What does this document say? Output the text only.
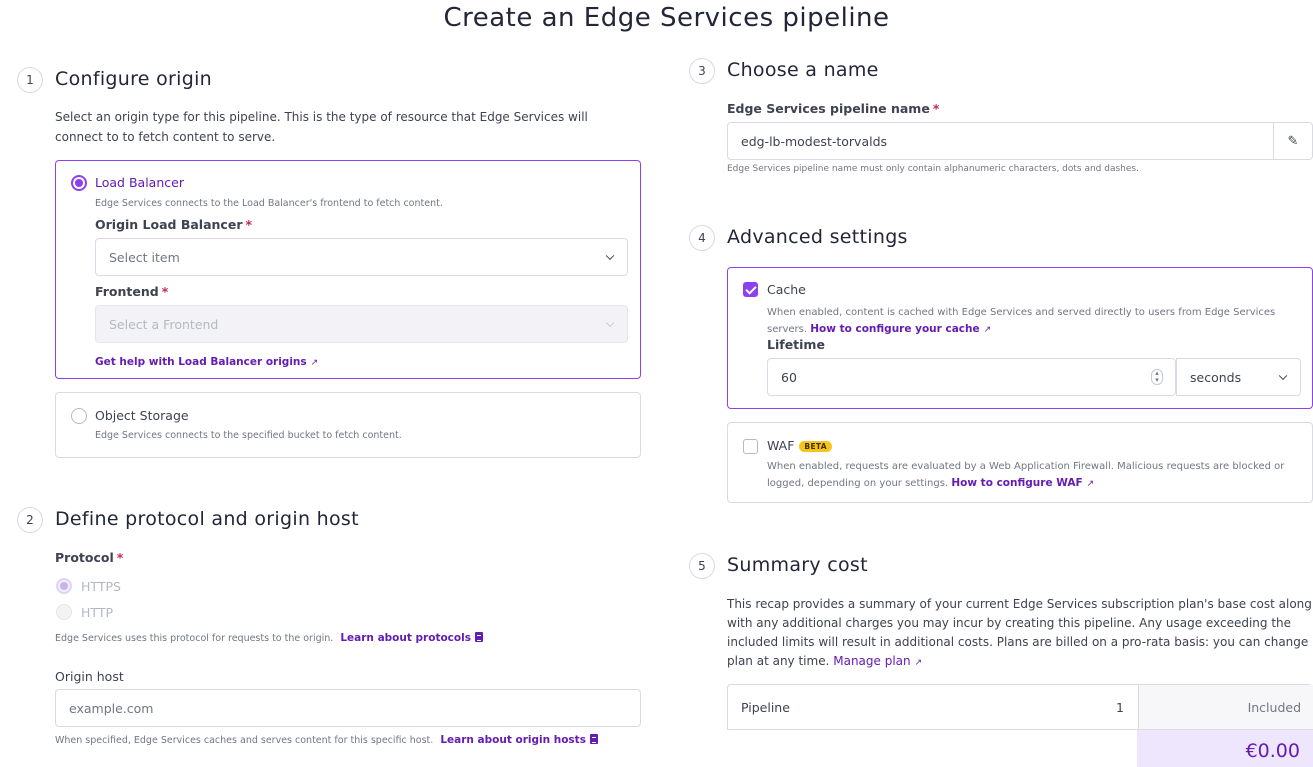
Create an Edge Services pipeline
1	Configure origin
Select an origin type for this pipeline. This is the type of resource that Edge Services will connect to to fetch content to serve.
Load Balancer
Edge Services connects to the Load Balancer's frontend to fetch content.
Origin Load Balancer *
Select item
Frontend *
Select a Frontend
Get help with Load Balancer origins ↗
Object Storage
Edge Services connects to the specified bucket to fetch content.
2	Define protocol and origin host
Protocol *
HTTPS
HTTP
Edge Services uses this protocol for requests to the origin. Learn about protocols
Origin host
example.com
When specified, Edge Services caches and serves content for this specific host. Learn about origin hosts
3	Choose a name
Edge Services pipeline name *
edg-lb-modest-torvalds	✎
Edge Services pipeline name must only contain alphanumeric characters, dots and dashes.
4	Advanced settings
Cache
When enabled, content is cached with Edge Services and served directly to users from Edge Services servers. How to configure your cache ↗
Lifetime
60	▴
▾	seconds
WAF BETA
When enabled, requests are evaluated by a Web Application Firewall. Malicious requests are blocked or logged, depending on your settings. How to configure WAF ↗
5	Summary cost
This recap provides a summary of your current Edge Services subscription plan's base cost along with any additional charges you may incur by creating this pipeline. Any usage exceeding the included limits will result in additional costs. Plans are billed on a pro-rata basis: you can change plan at any time. Manage plan ↗
Pipeline	1	Included
€0.00
